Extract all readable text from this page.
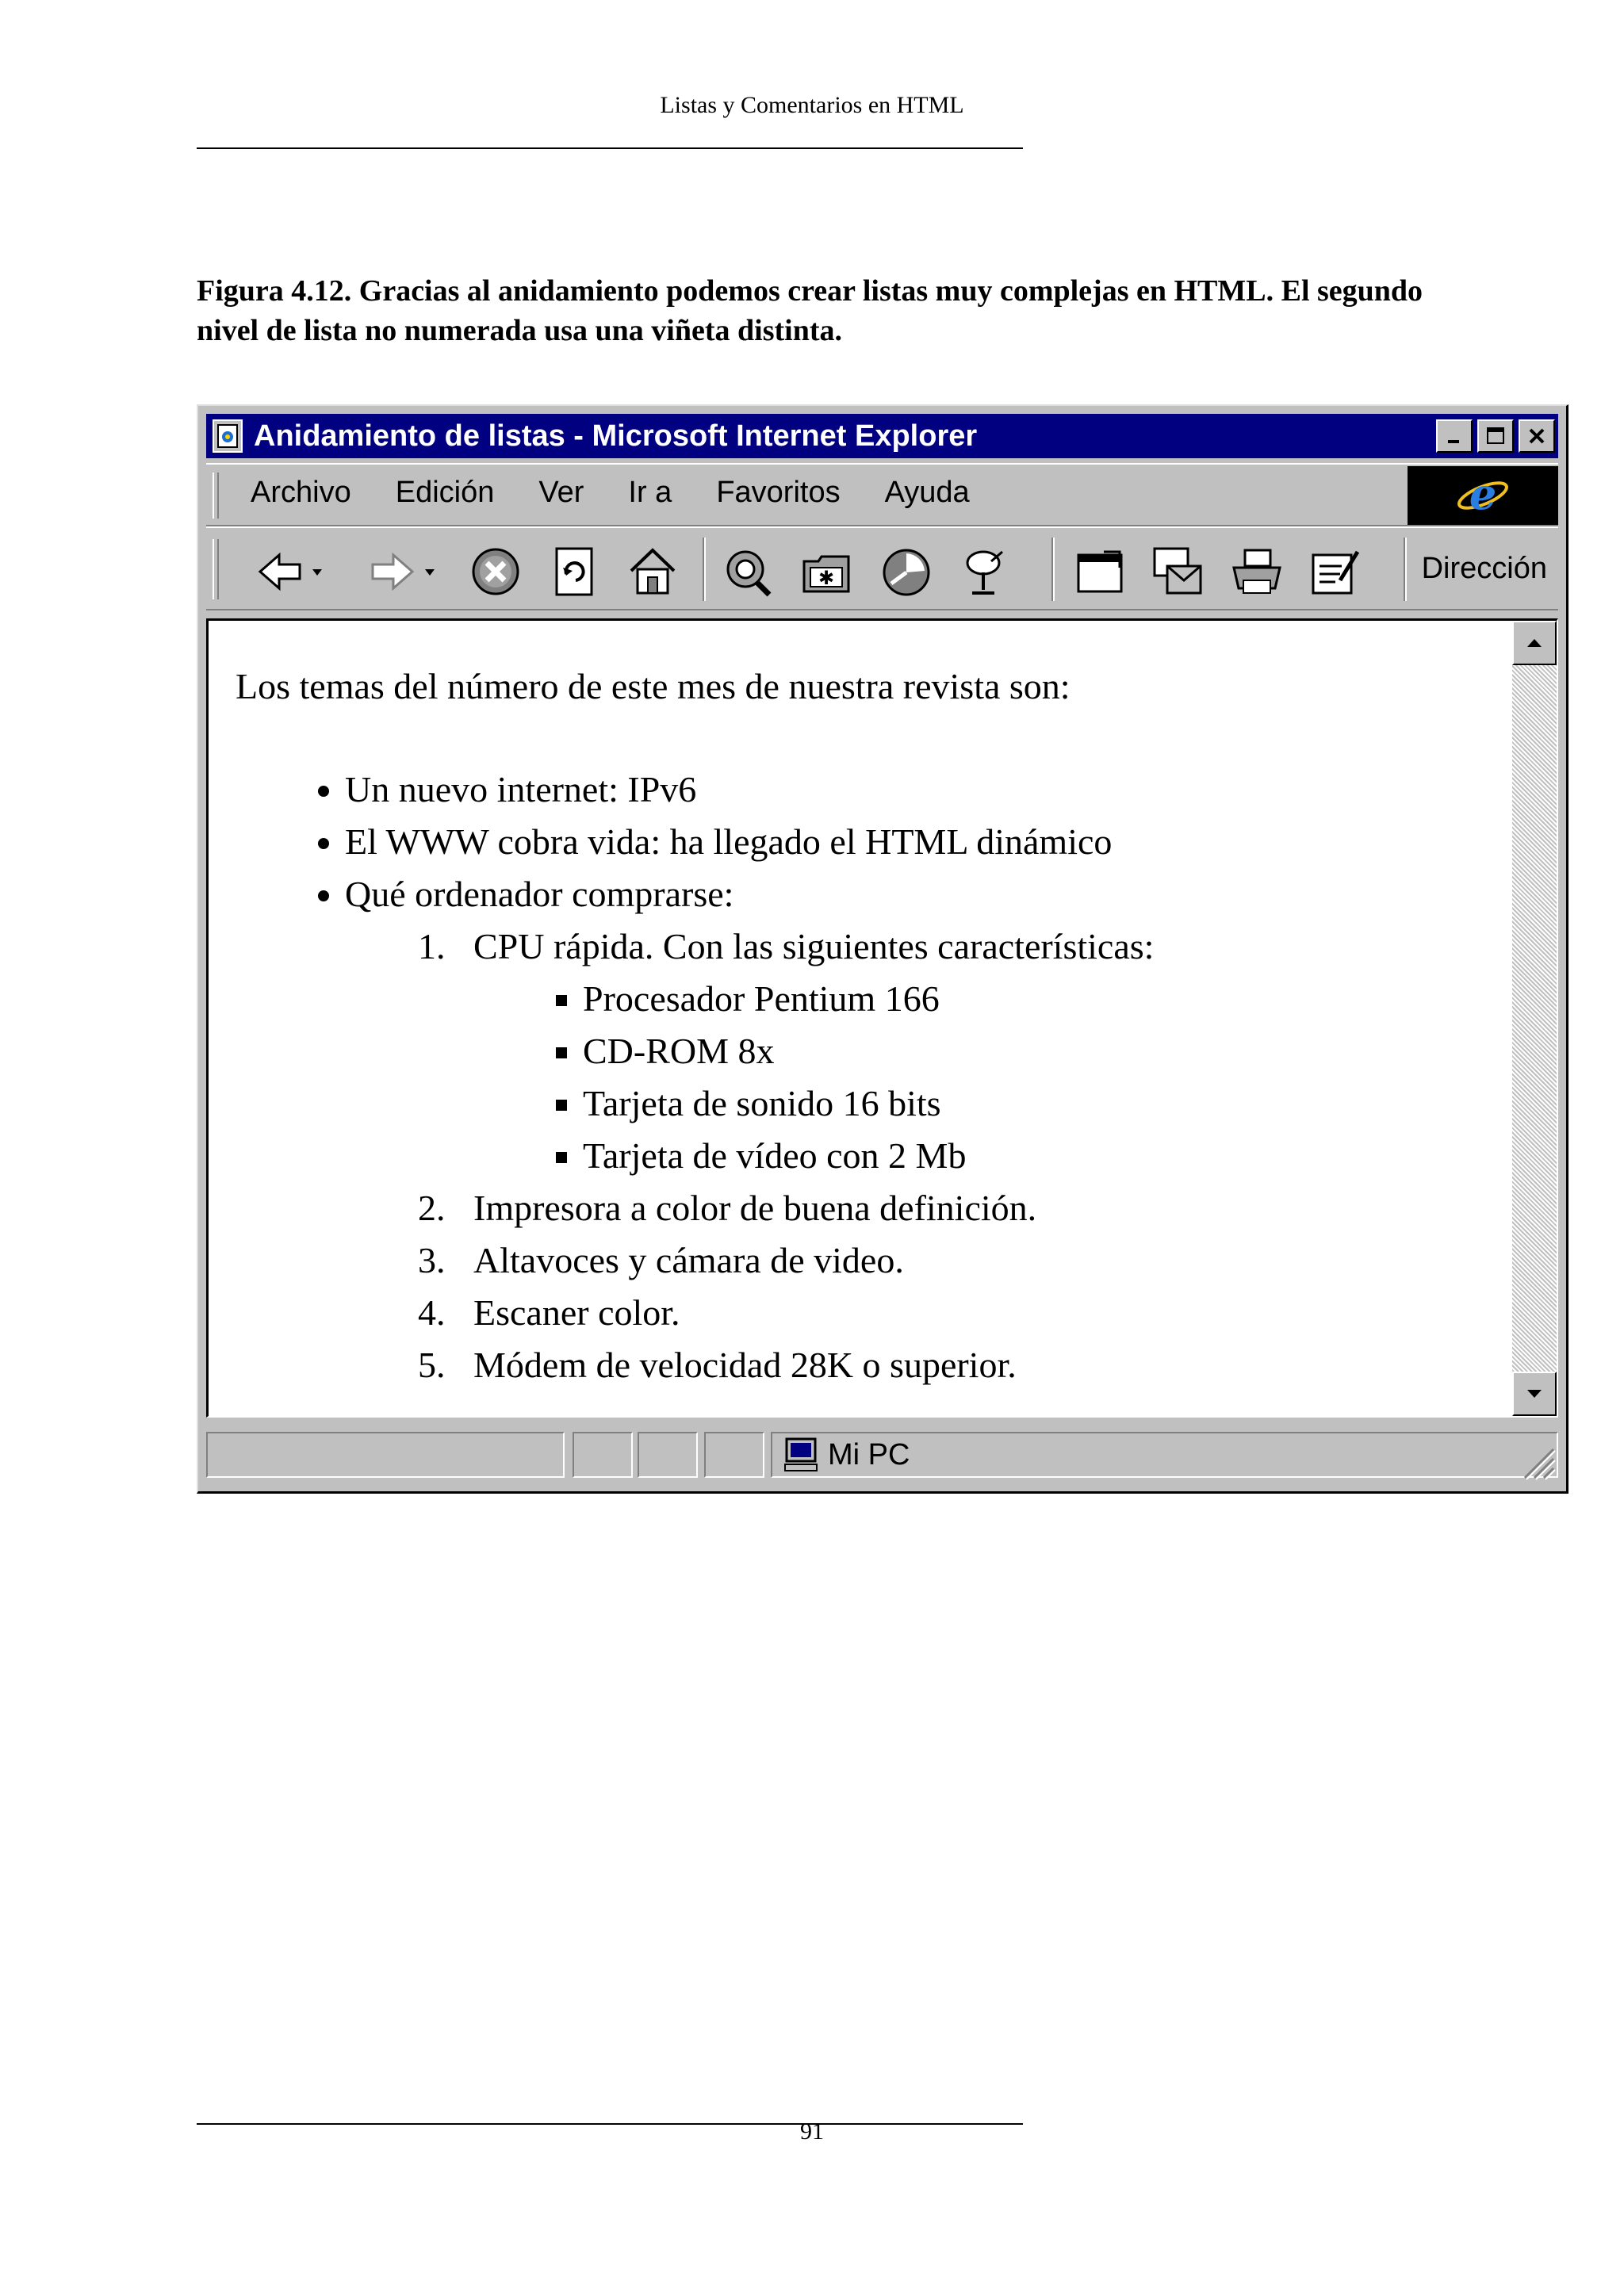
Listas y Comentarios en HTML
Figura 4.12. Gracias al anidamiento podemos crear listas muy complejas en HTML. El segundo nivel de lista no numerada usa una viñeta distinta.
Anidamiento de listas - Microsoft Internet Explorer
Archivo Edición Ver Ir a Favoritos Ayuda	e
✱	Dirección

Los temas del número de este mes de nuestra revista son:

• Un nuevo internet: IPv6
• El WWW cobra vida: ha llegado el HTML dinámico
• Qué ordenador comprarse:
1. CPU rápida. Con las siguientes características:
▪ Procesador Pentium 166
▪ CD-ROM 8x
▪ Tarjeta de sonido 16 bits
▪ Tarjeta de vídeo con 2 Mb
2. Impresora a color de buena definición.
3. Altavoces y cámara de video.
4. Escaner color.
5. Módem de velocidad 28K o superior.
Mi PC
91
